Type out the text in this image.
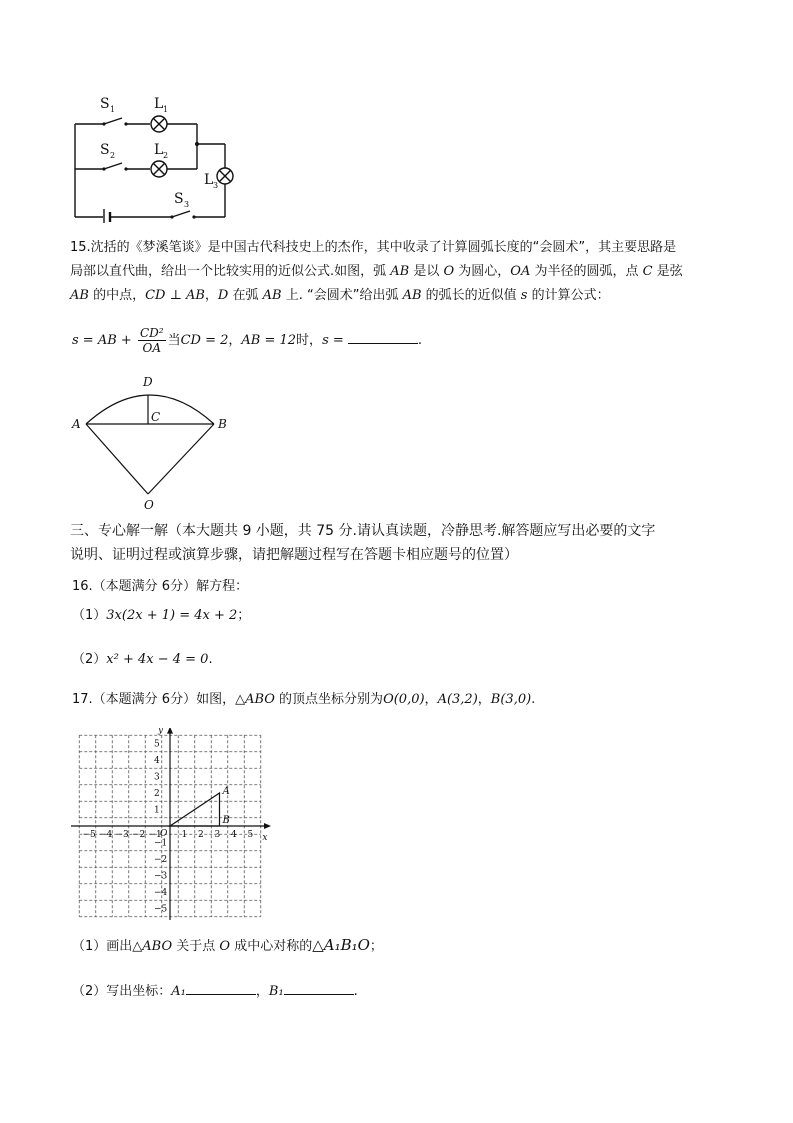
S 1	L 1
S 2	L 2
L 3
S 3
15.沈括的《梦溪笔谈》是中国古代科技史上的杰作，其中收录了计算圆弧长度的“会圆术”，其主要思路是
局部以直代曲，给出一个比较实用的近似公式.如图，弧 AB 是以 O 为圆心，OA 为半径的圆弧，点 C 是弦
AB 的中点，CD ⊥ AB，D 在弧 AB 上. “会圆术”给出弧 AB 的弧长的近似值 s 的计算公式：
s = AB + $\frac{\text{CD²}}{OA}$ 当CD = 2，AB = 12时，s =	.
D
A	C	B
O
三、专心解一解（本大题共 9 小题，共 75 分.请认真读题，冷静思考.解答题应写出必要的文字
说明、证明过程或演算步骤，请把解题过程写在答题卡相应题号的位置）
16.（本题满分 6分）解方程：
（1）3x(2x + 1) = 4x + 2；
（2）x² + 4x − 4 = 0.
17.（本题满分 6分）如图，△ABO 的顶点坐标分别为O(0,0)，A(3,2)，B(3,0).
−5 −4 −3 −2 −1 1 2 3 4 5
5
4
3
2
1
−1
−2
−3
−4
−5
x
y
O
A
B
（1）画出△ABO 关于点 O 成中心对称的△A₁B₁O；
（2）写出坐标：A₁	，B₁	.
